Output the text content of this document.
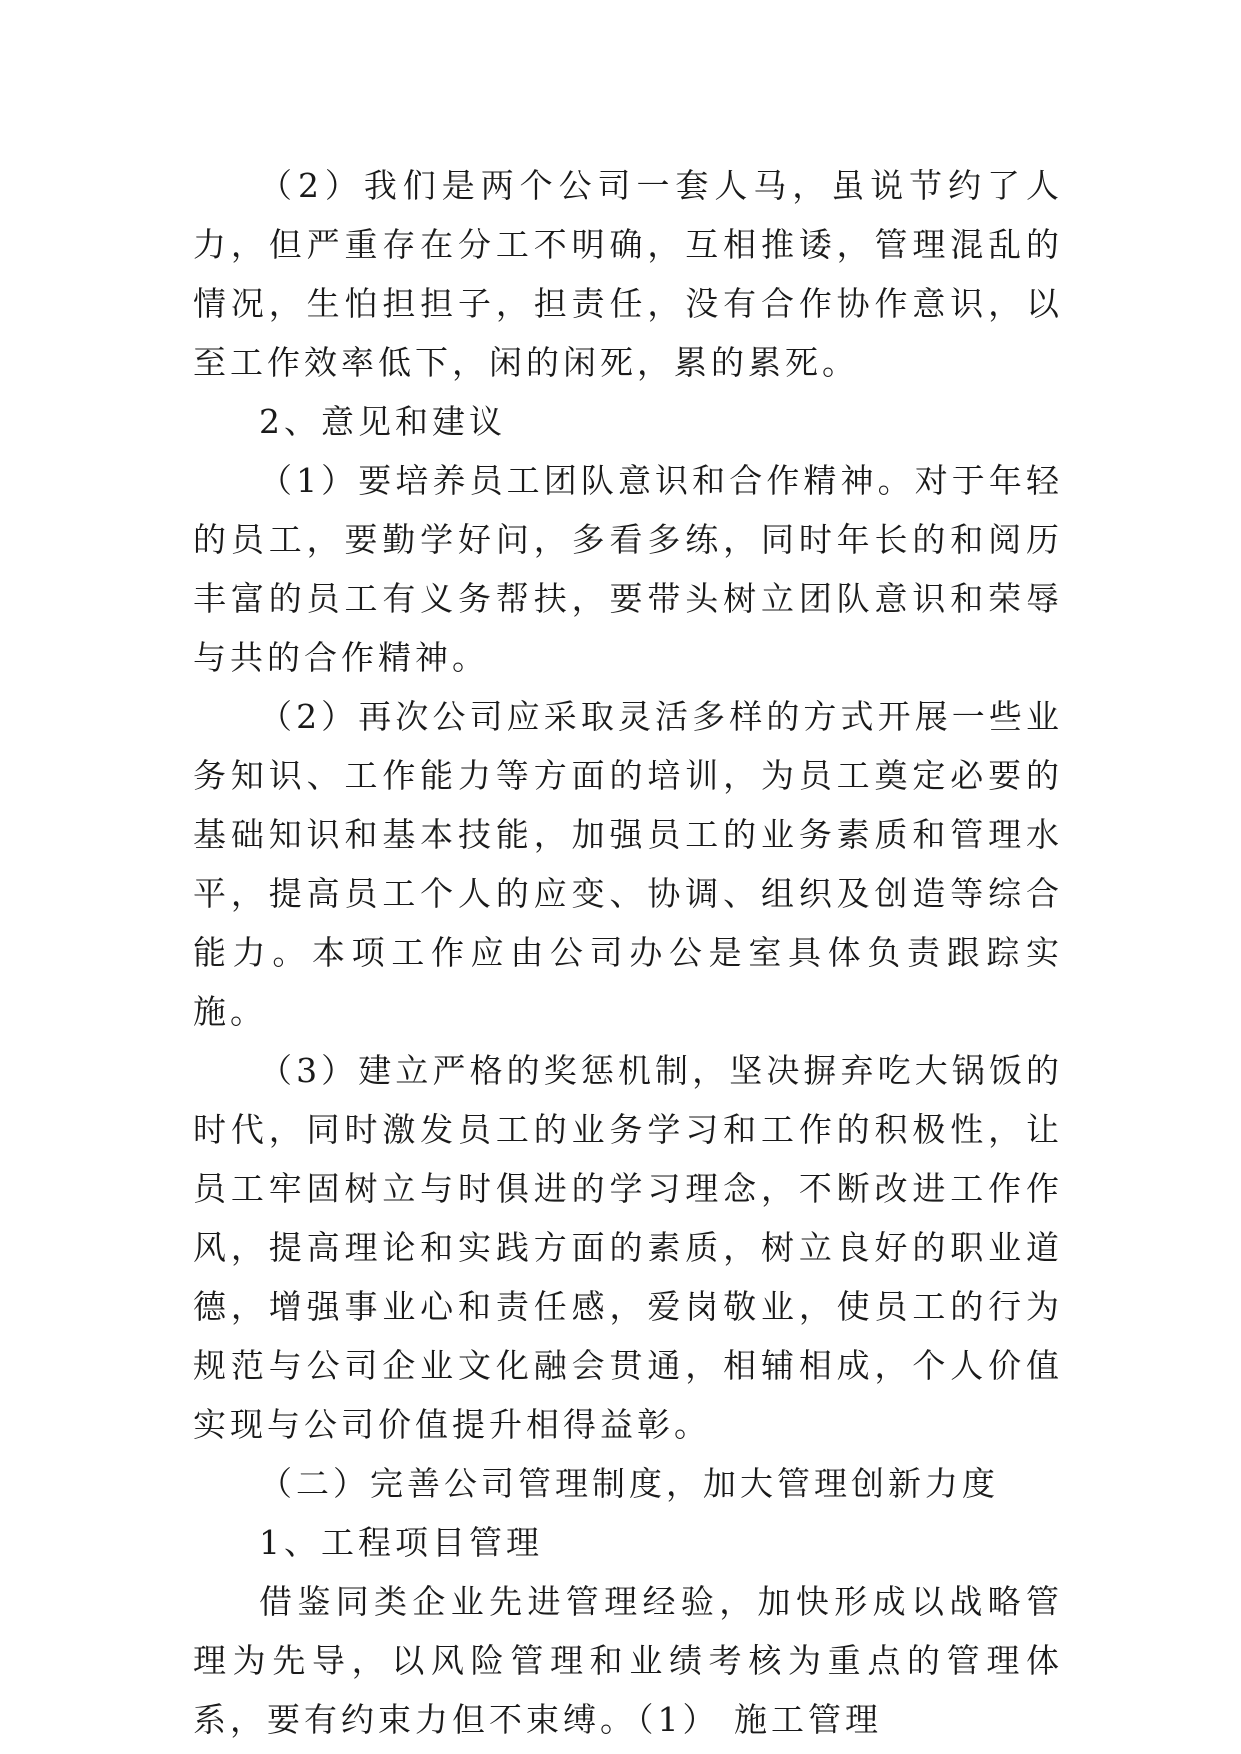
（2）我们是两个公司一套人马，虽说节约了人力，但严重存在分工不明确，互相推诿，管理混乱的情况，生怕担担子，担责任，没有合作协作意识，以至工作效率低下，闲的闲死，累的累死。

2、意见和建议

（1）要培养员工团队意识和合作精神。对于年轻的员工，要勤学好问，多看多练，同时年长的和阅历丰富的员工有义务帮扶，要带头树立团队意识和荣辱与共的合作精神。

（2）再次公司应采取灵活多样的方式开展一些业务知识、工作能力等方面的培训，为员工奠定必要的基础知识和基本技能，加强员工的业务素质和管理水平，提高员工个人的应变、协调、组织及创造等综合能力。本项工作应由公司办公是室具体负责跟踪实施。

（3）建立严格的奖惩机制，坚决摒弃吃大锅饭的时代，同时激发员工的业务学习和工作的积极性，让员工牢固树立与时俱进的学习理念，不断改进工作作风，提高理论和实践方面的素质，树立良好的职业道德，增强事业心和责任感，爱岗敬业，使员工的行为规范与公司企业文化融会贯通，相辅相成，个人价值实现与公司价值提升相得益彰。

（二）完善公司管理制度，加大管理创新力度

1、工程项目管理

借鉴同类企业先进管理经验，加快形成以战略管理为先导，以风险管理和业绩考核为重点的管理体系，要有约束力但不束缚。（1） 施工管理
